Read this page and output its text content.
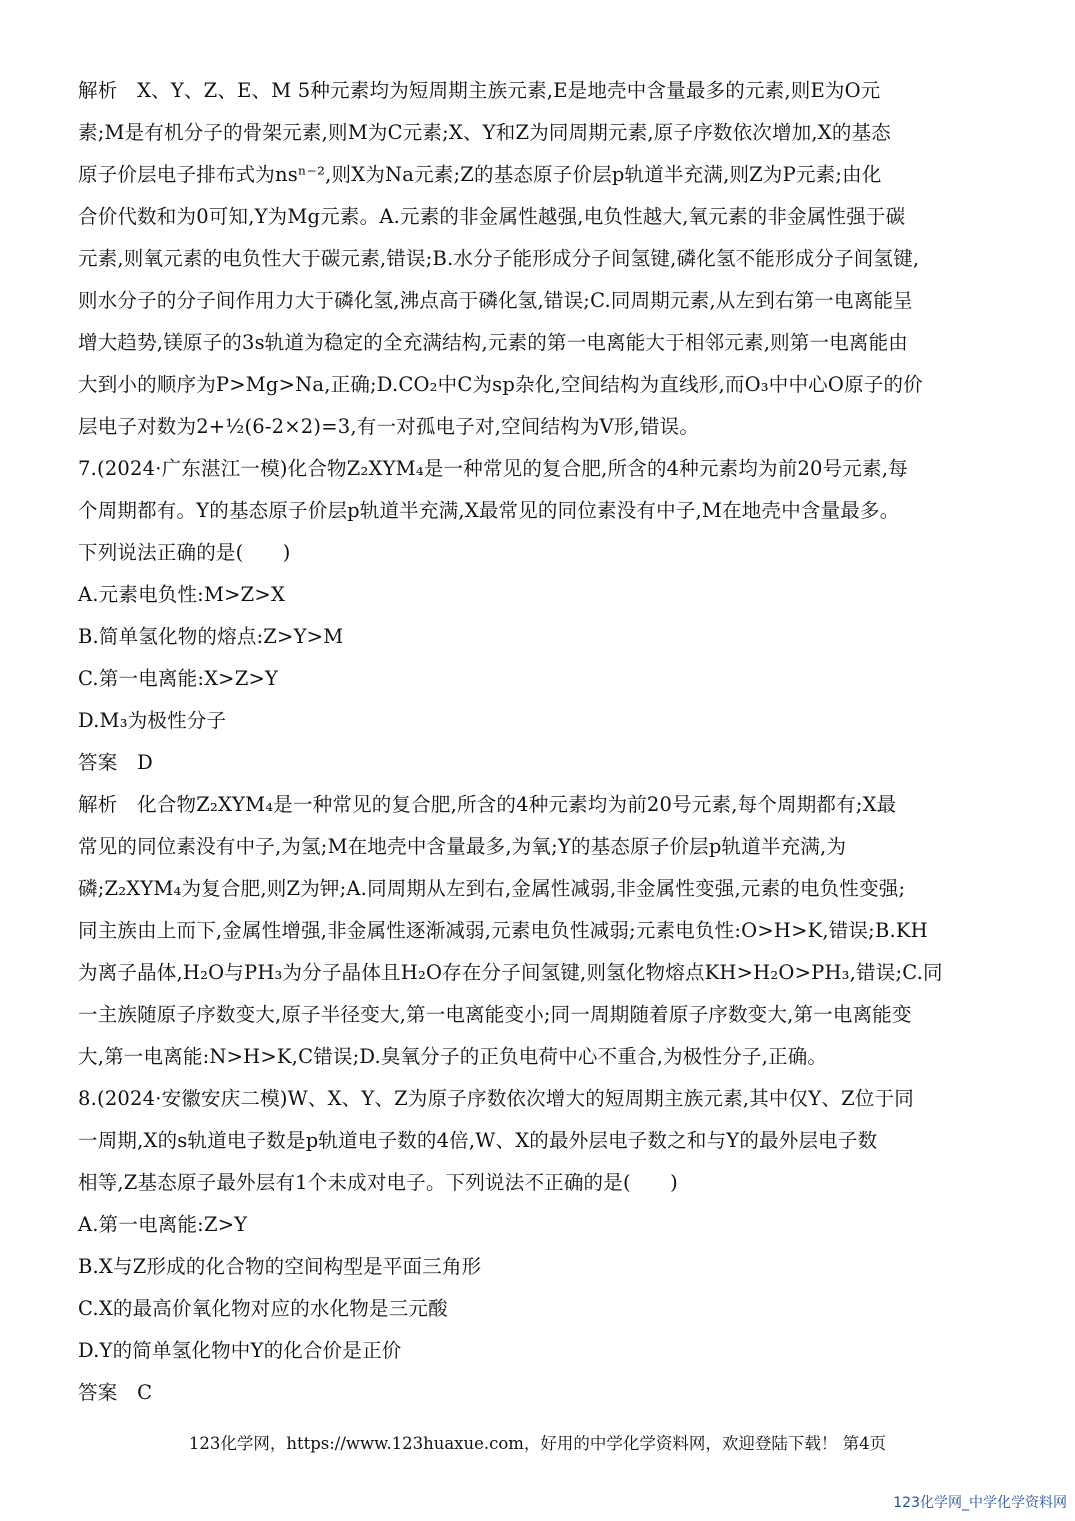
解析　X、Y、Z、E、M 5种元素均为短周期主族元素,E是地壳中含量最多的元素,则E为O元
素;M是有机分子的骨架元素,则M为C元素;X、Y和Z为同周期元素,原子序数依次增加,X的基态
原子价层电子排布式为nsⁿ⁻²,则X为Na元素;Z的基态原子价层p轨道半充满,则Z为P元素;由化
合价代数和为0可知,Y为Mg元素。A.元素的非金属性越强,电负性越大,氧元素的非金属性强于碳
元素,则氧元素的电负性大于碳元素,错误;B.水分子能形成分子间氢键,磷化氢不能形成分子间氢键,
则水分子的分子间作用力大于磷化氢,沸点高于磷化氢,错误;C.同周期元素,从左到右第一电离能呈
增大趋势,镁原子的3s轨道为稳定的全充满结构,元素的第一电离能大于相邻元素,则第一电离能由
大到小的顺序为P>Mg>Na,正确;D.CO₂中C为sp杂化,空间结构为直线形,而O₃中中心O原子的价
层电子对数为2+½(6-2×2)=3,有一对孤电子对,空间结构为V形,错误。
7.(2024·广东湛江一模)化合物Z₂XYM₄是一种常见的复合肥,所含的4种元素均为前20号元素,每
个周期都有。Y的基态原子价层p轨道半充满,X最常见的同位素没有中子,M在地壳中含量最多。
下列说法正确的是(　　)
A.元素电负性:M>Z>X
B.简单氢化物的熔点:Z>Y>M
C.第一电离能:X>Z>Y
D.M₃为极性分子
答案　D
解析　化合物Z₂XYM₄是一种常见的复合肥,所含的4种元素均为前20号元素,每个周期都有;X最
常见的同位素没有中子,为氢;M在地壳中含量最多,为氧;Y的基态原子价层p轨道半充满,为
磷;Z₂XYM₄为复合肥,则Z为钾;A.同周期从左到右,金属性减弱,非金属性变强,元素的电负性变强;
同主族由上而下,金属性增强,非金属性逐渐减弱,元素电负性减弱;元素电负性:O>H>K,错误;B.KH
为离子晶体,H₂O与PH₃为分子晶体且H₂O存在分子间氢键,则氢化物熔点KH>H₂O>PH₃,错误;C.同
一主族随原子序数变大,原子半径变大,第一电离能变小;同一周期随着原子序数变大,第一电离能变
大,第一电离能:N>H>K,C错误;D.臭氧分子的正负电荷中心不重合,为极性分子,正确。
8.(2024·安徽安庆二模)W、X、Y、Z为原子序数依次增大的短周期主族元素,其中仅Y、Z位于同
一周期,X的s轨道电子数是p轨道电子数的4倍,W、X的最外层电子数之和与Y的最外层电子数
相等,Z基态原子最外层有1个未成对电子。下列说法不正确的是(　　)
A.第一电离能:Z>Y
B.X与Z形成的化合物的空间构型是平面三角形
C.X的最高价氧化物对应的水化物是三元酸
D.Y的简单氢化物中Y的化合价是正价
答案　C
123化学网，https://www.123huaxue.com，好用的中学化学资料网，欢迎登陆下载！ 第4页
123化学网_中学化学资料网
